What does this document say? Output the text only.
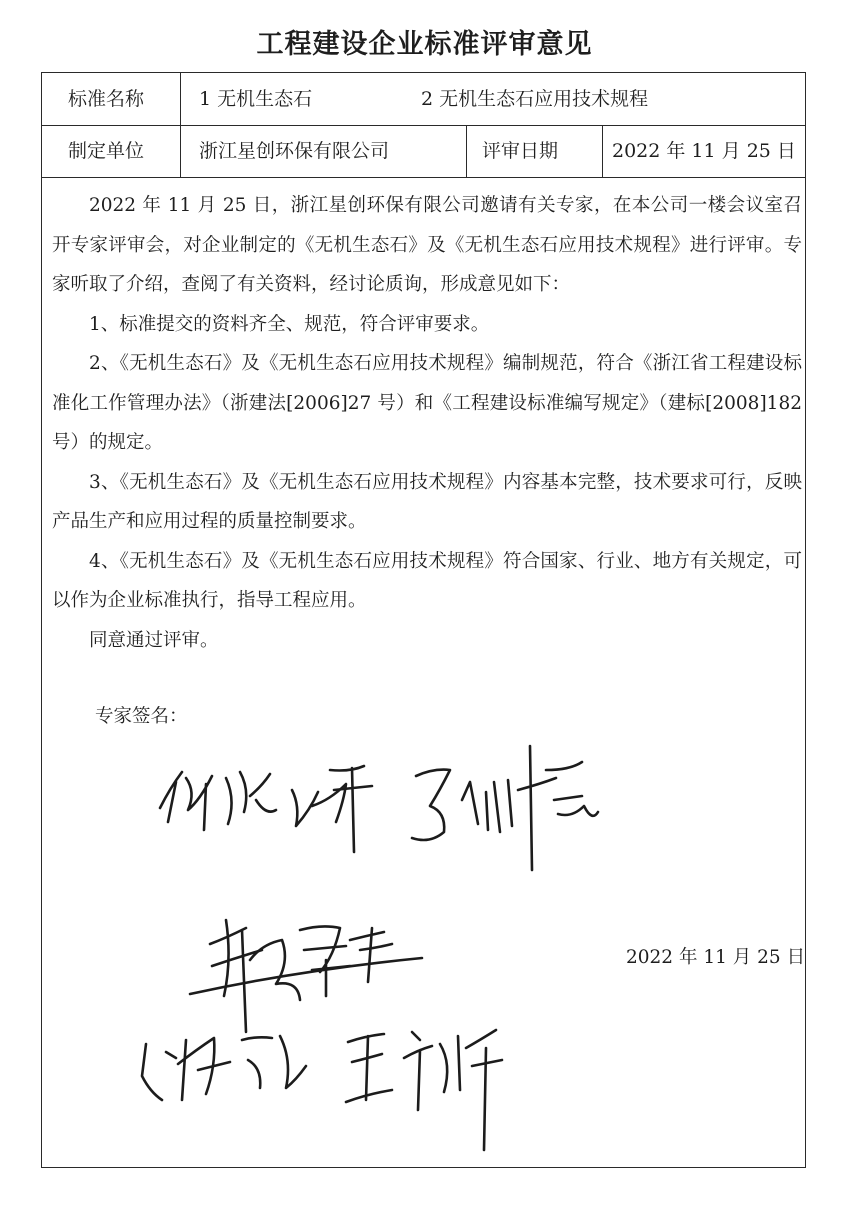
工程建设企业标准评审意见
标准名称	1 无机生态石	2 无机生态石应用技术规程
制定单位	浙江星创环保有限公司	评审日期	2022 年 11 月 25 日

2022 年 11 月 25 日，浙江星创环保有限公司邀请有关专家，在本公司一楼会议室召开专家评审会，对企业制定的《无机生态石》及《无机生态石应用技术规程》进行评审。专家听取了介绍，查阅了有关资料，经讨论质询，形成意见如下：

1、标准提交的资料齐全、规范，符合评审要求。

2、《无机生态石》及《无机生态石应用技术规程》编制规范，符合《浙江省工程建设标准化工作管理办法》（浙建法[2006]27 号）和《工程建设标准编写规定》（建标[2008]182 号）的规定。

3、《无机生态石》及《无机生态石应用技术规程》内容基本完整，技术要求可行，反映产品生产和应用过程的质量控制要求。

4、《无机生态石》及《无机生态石应用技术规程》符合国家、行业、地方有关规定，可以作为企业标准执行，指导工程应用。

同意通过评审。

专家签名：
2022 年 11 月 25 日
